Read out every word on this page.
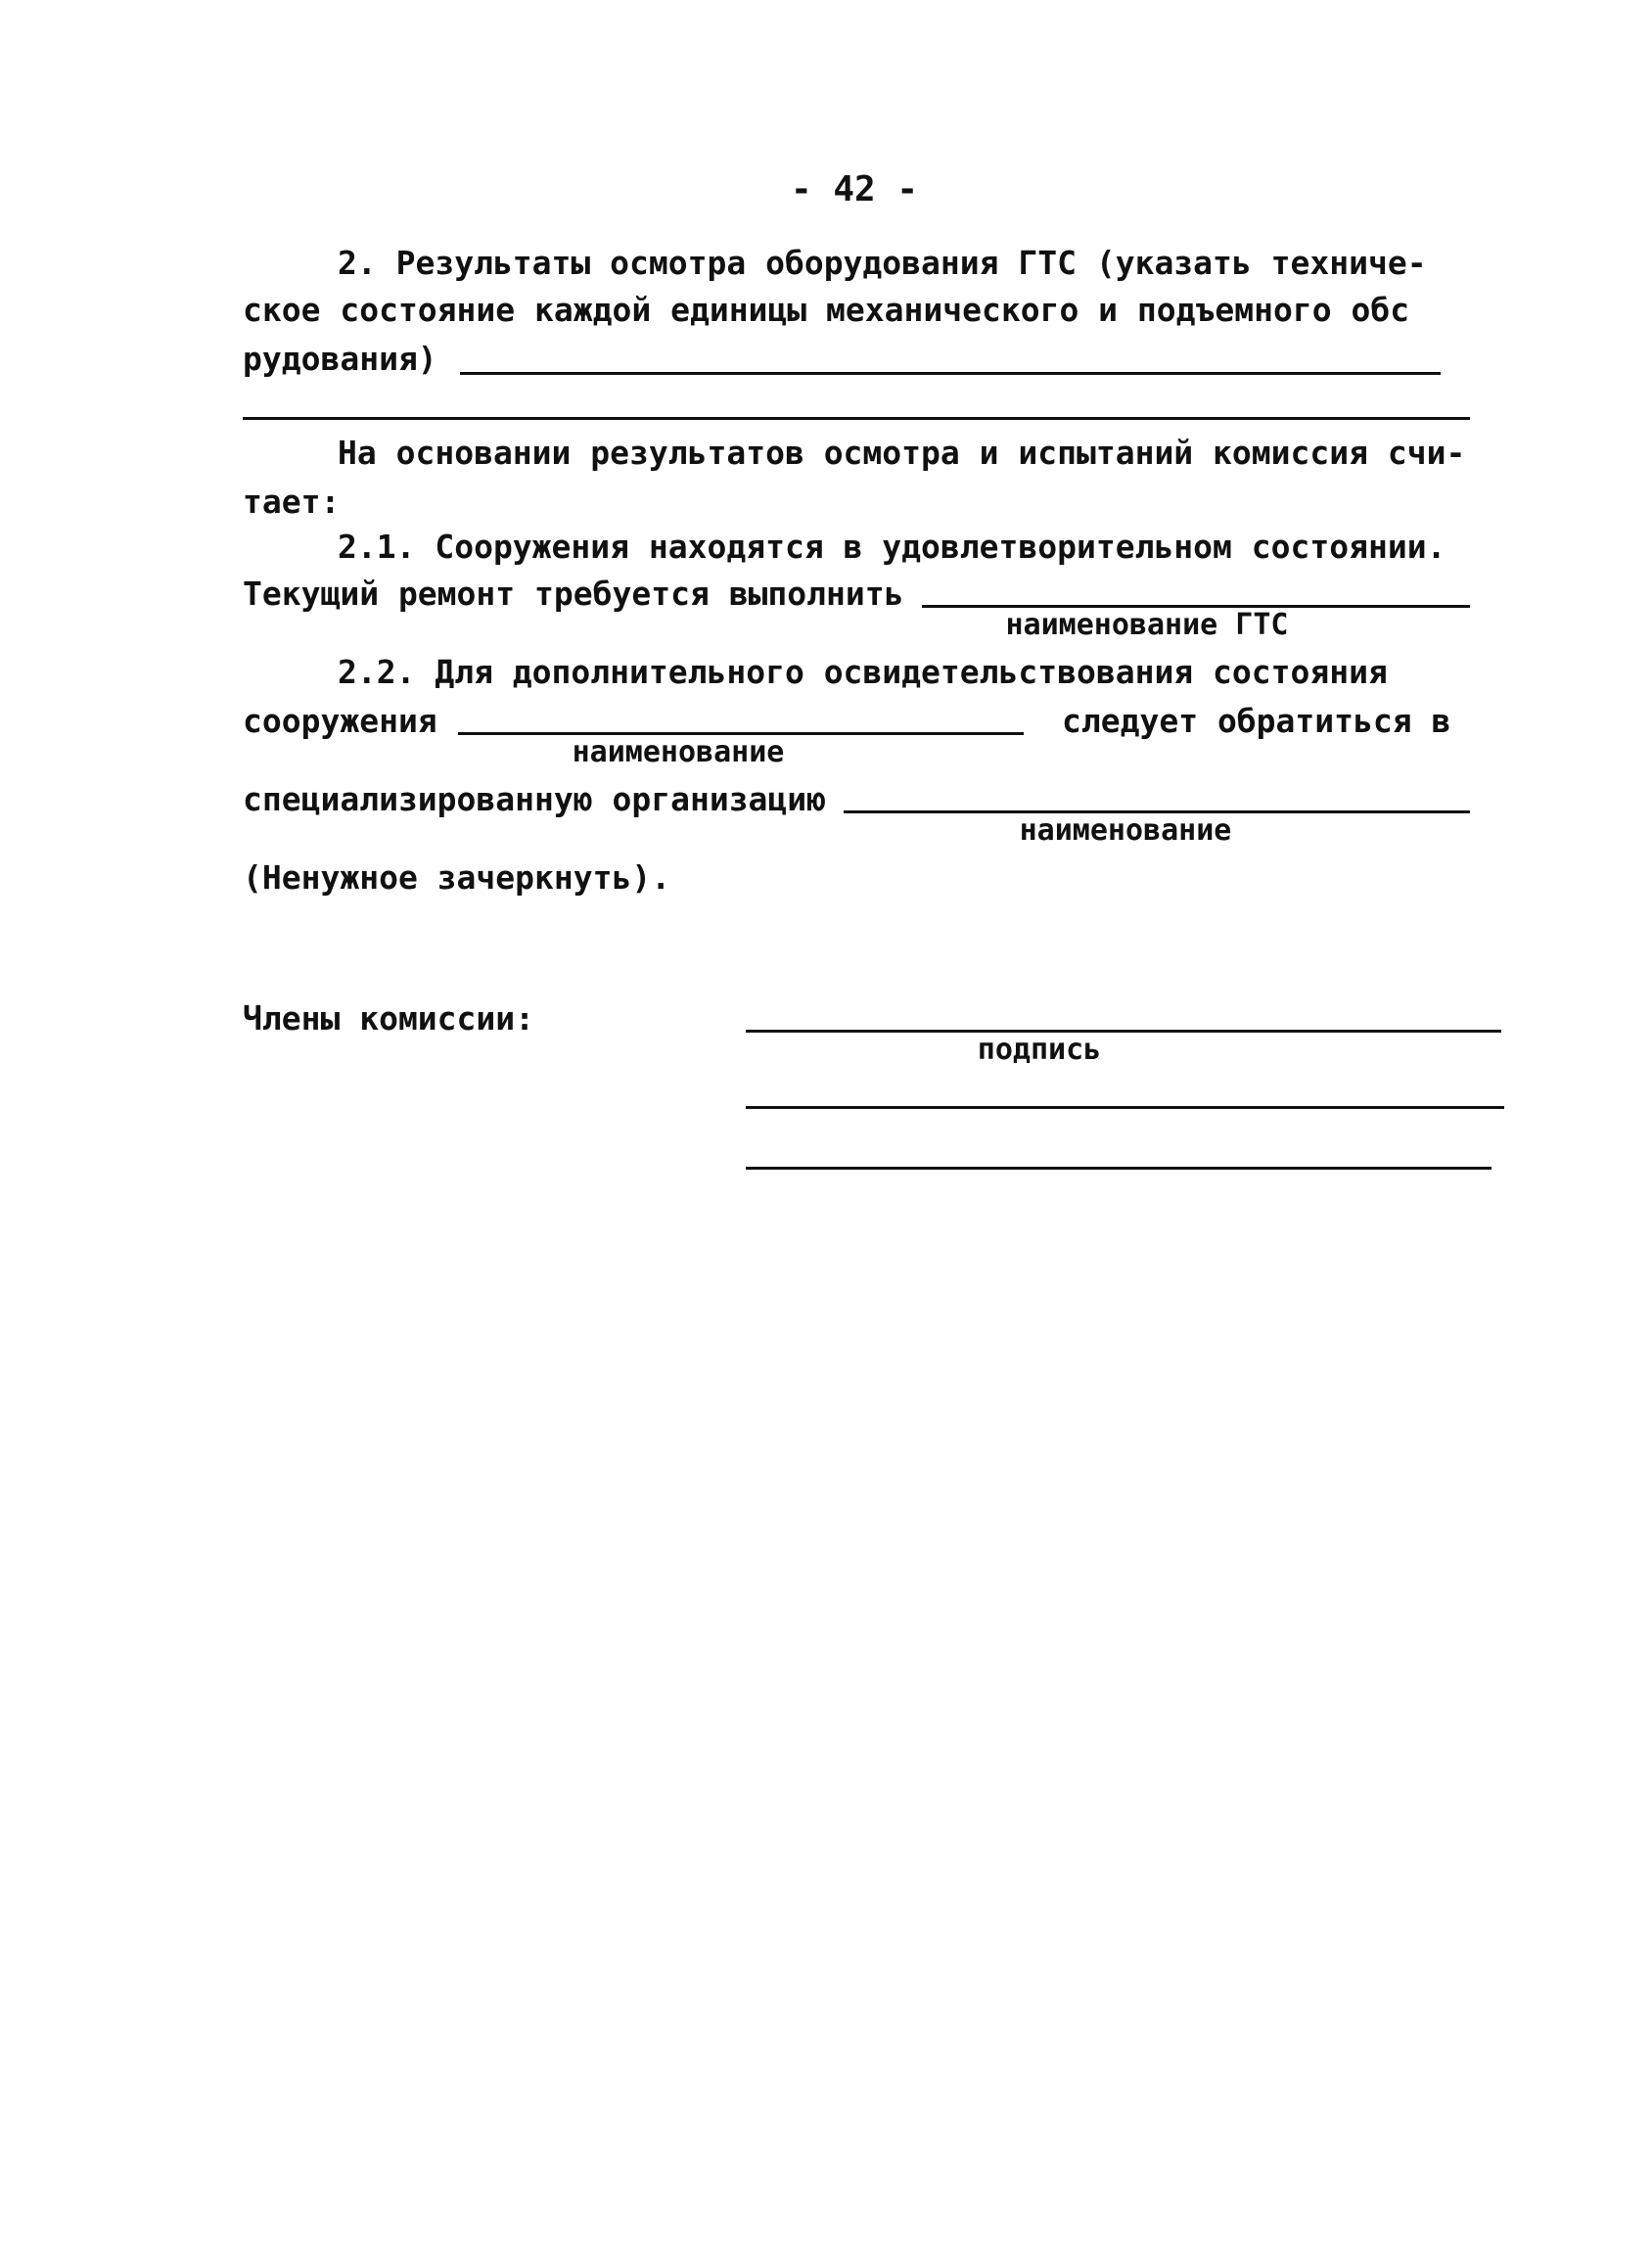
- 42 -
2. Результаты осмотра оборудования ГТС (указать техниче-
ское состояние каждой единицы механического и подъемного обс
рудования)
На основании результатов осмотра и испытаний комиссия счи-
тает:
2.1. Сооружения находятся в удовлетворительном состоянии.
Текущий ремонт требуется выполнить
наименование ГТС
2.2. Для дополнительного освидетельствования состояния
сооружения
наименование
следует обратиться в
специализированную организацию
наименование
(Ненужное зачеркнуть).
Члены комиссии:
подпись
